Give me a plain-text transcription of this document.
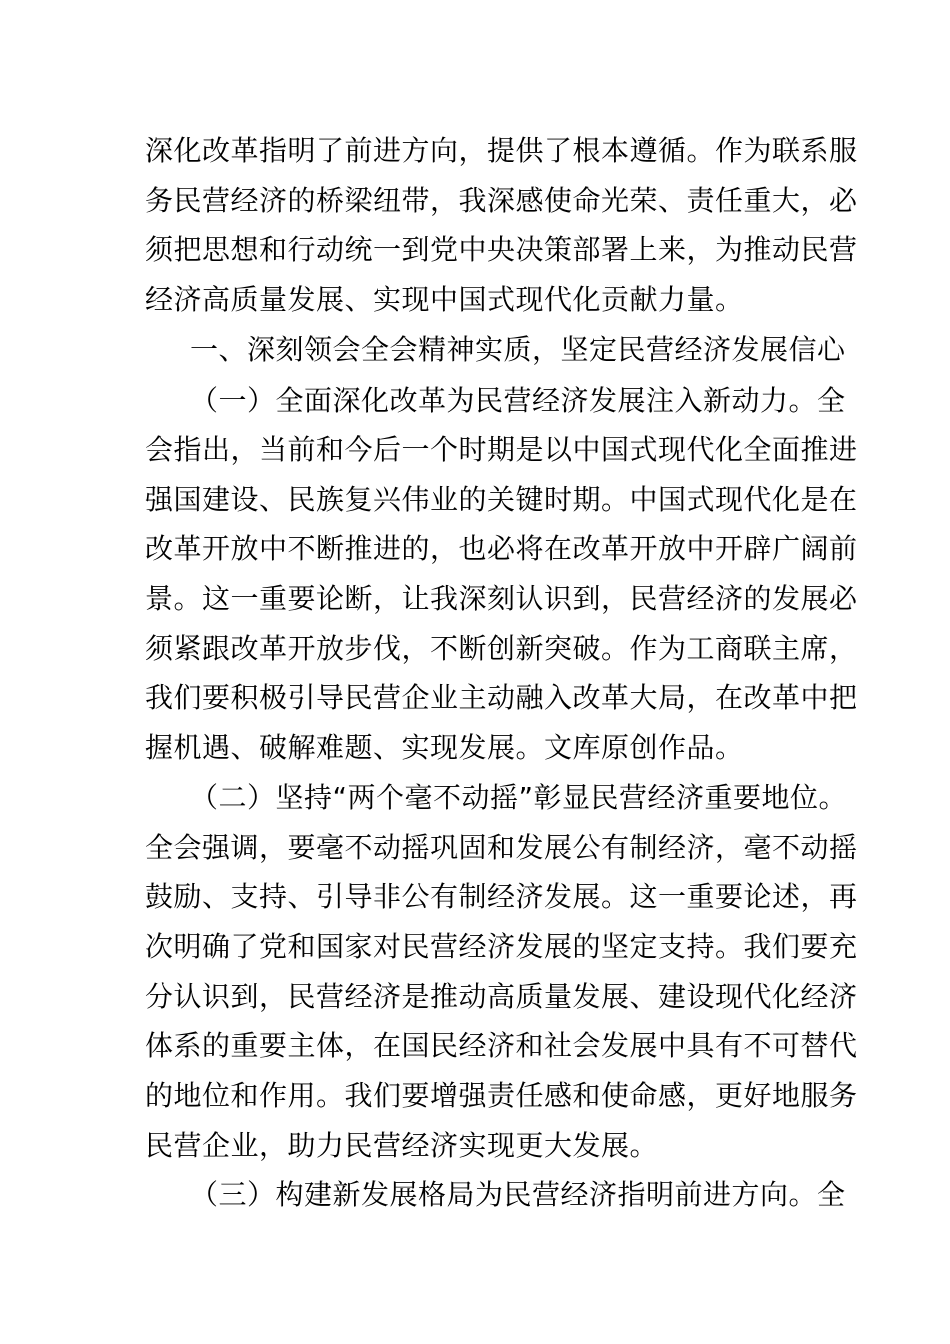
深化改革指明了前进方向，提供了根本遵循。作为联系服
务民营经济的桥梁纽带，我深感使命光荣、责任重大，必
须把思想和行动统一到党中央决策部署上来，为推动民营
经济高质量发展、实现中国式现代化贡献力量。
一、深刻领会全会精神实质，坚定民营经济发展信心
（一）全面深化改革为民营经济发展注入新动力。全
会指出，当前和今后一个时期是以中国式现代化全面推进
强国建设、民族复兴伟业的关键时期。中国式现代化是在
改革开放中不断推进的，也必将在改革开放中开辟广阔前
景。这一重要论断，让我深刻认识到，民营经济的发展必
须紧跟改革开放步伐，不断创新突破。作为工商联主席，
我们要积极引导民营企业主动融入改革大局，在改革中把
握机遇、破解难题、实现发展。文库原创作品。
（二）坚持“两个毫不动摇”彰显民营经济重要地位。
全会强调，要毫不动摇巩固和发展公有制经济，毫不动摇
鼓励、支持、引导非公有制经济发展。这一重要论述，再
次明确了党和国家对民营经济发展的坚定支持。我们要充
分认识到，民营经济是推动高质量发展、建设现代化经济
体系的重要主体，在国民经济和社会发展中具有不可替代
的地位和作用。我们要增强责任感和使命感，更好地服务
民营企业，助力民营经济实现更大发展。
（三）构建新发展格局为民营经济指明前进方向。全
